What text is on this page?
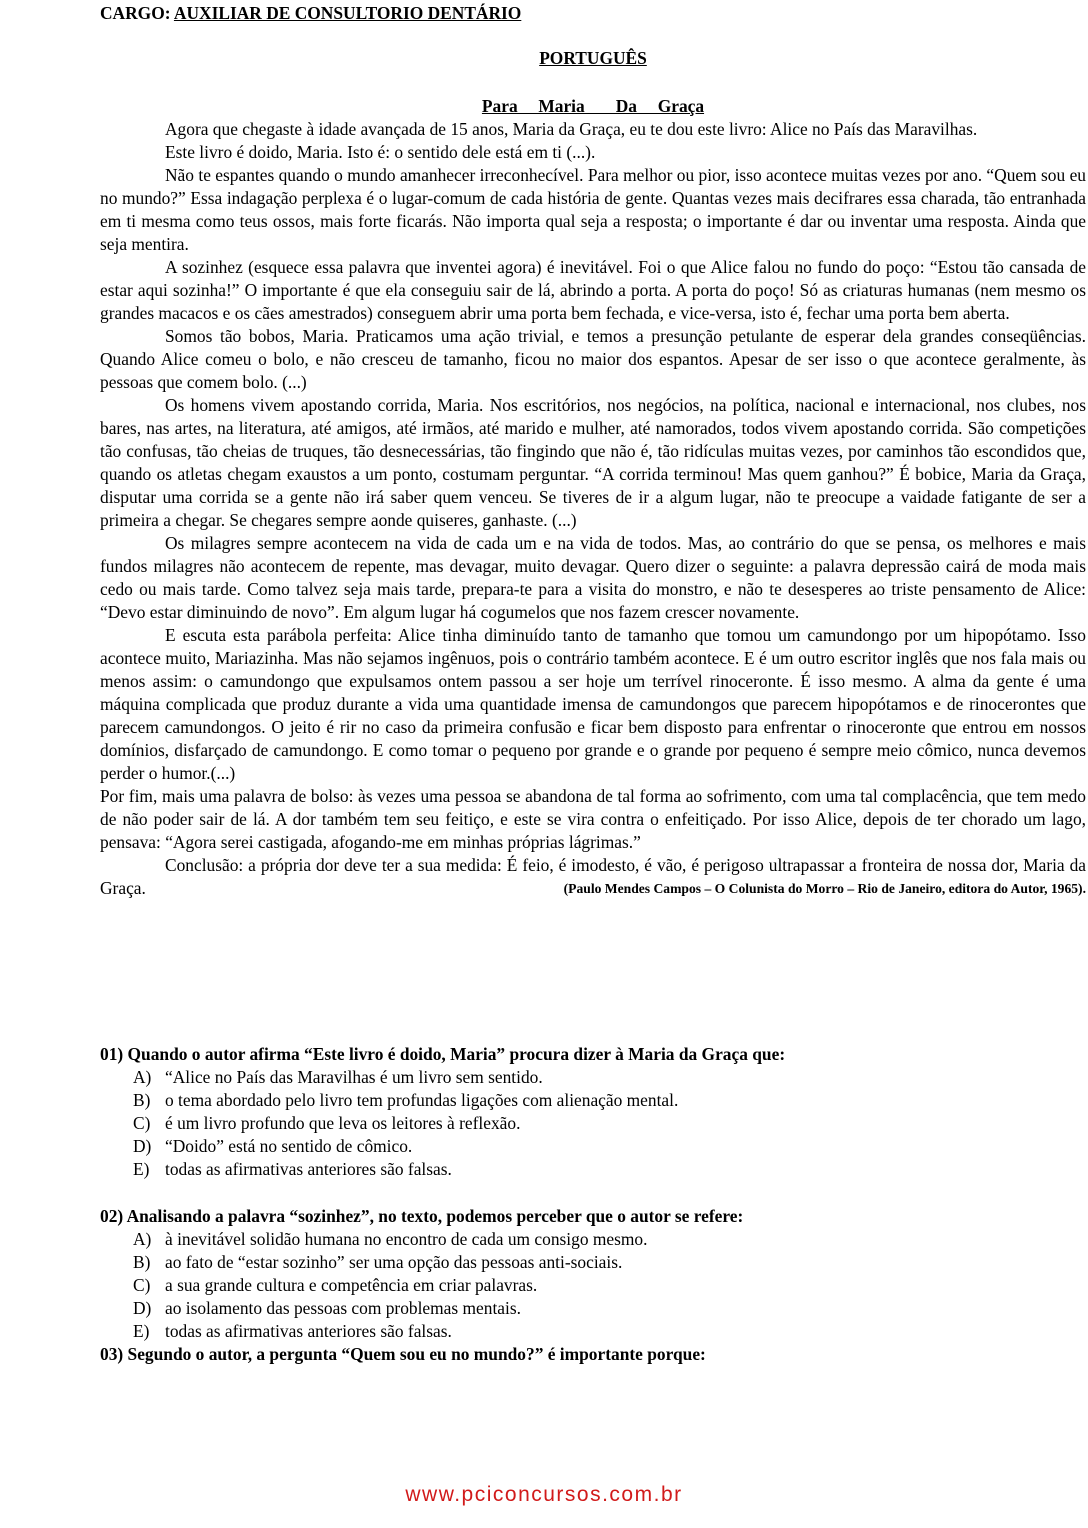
CARGO: AUXILIAR DE CONSULTORIO DENTÁRIO
PORTUGUÊS
Para  Maria   Da  Graça

Agora que chegaste à idade avançada de 15 anos, Maria da Graça, eu te dou este livro: Alice no País das Maravilhas.

Este livro é doido, Maria. Isto é: o sentido dele está em ti (...).

Não te espantes quando o mundo amanhecer irreconhecível. Para melhor ou pior, isso acontece muitas vezes por ano. “Quem sou eu no mundo?” Essa indagação perplexa é o lugar-comum de cada história de gente. Quantas vezes mais decifrares essa charada, tão entranhada em ti mesma como teus ossos, mais forte ficarás. Não importa qual seja a resposta; o importante é dar ou inventar uma resposta. Ainda que seja mentira.

A sozinhez (esquece essa palavra que inventei agora) é inevitável. Foi o que Alice falou no fundo do poço: “Estou tão cansada de estar aqui sozinha!” O importante é que ela conseguiu sair de lá, abrindo a porta. A porta do poço! Só as criaturas humanas (nem mesmo os grandes macacos e os cães amestrados) conseguem abrir uma porta bem fechada, e vice-versa, isto é, fechar uma porta bem aberta.

Somos tão bobos, Maria. Praticamos uma ação trivial, e temos a presunção petulante de esperar dela grandes conseqüências. Quando Alice comeu o bolo, e não cresceu de tamanho, ficou no maior dos espantos. Apesar de ser isso o que acontece geralmente, às pessoas que comem bolo. (...)

Os homens vivem apostando corrida, Maria. Nos escritórios, nos negócios, na política, nacional e internacional, nos clubes, nos bares, nas artes, na literatura, até amigos, até irmãos, até marido e mulher, até namorados, todos vivem apostando corrida. São competições tão confusas, tão cheias de truques, tão desnecessárias, tão fingindo que não é, tão ridículas muitas vezes, por caminhos tão escondidos que, quando os atletas chegam exaustos a um ponto, costumam perguntar. “A corrida terminou! Mas quem ganhou?” É bobice, Maria da Graça, disputar uma corrida se a gente não irá saber quem venceu. Se tiveres de ir a algum lugar, não te preocupe a vaidade fatigante de ser a primeira a chegar. Se chegares sempre aonde quiseres, ganhaste. (...)

Os milagres sempre acontecem na vida de cada um e na vida de todos. Mas, ao contrário do que se pensa, os melhores e mais fundos milagres não acontecem de repente, mas devagar, muito devagar. Quero dizer o seguinte: a palavra depressão cairá de moda mais cedo ou mais tarde. Como talvez seja mais tarde, prepara-te para a visita do monstro, e não te desesperes ao triste pensamento de Alice: “Devo estar diminuindo de novo”. Em algum lugar há cogumelos que nos fazem crescer novamente.

E escuta esta parábola perfeita: Alice tinha diminuído tanto de tamanho que tomou um camundongo por um hipopótamo. Isso acontece muito, Mariazinha. Mas não sejamos ingênuos, pois o contrário também acontece. E é um outro escritor inglês que nos fala mais ou menos assim: o camundongo que expulsamos ontem passou a ser hoje um terrível rinoceronte. É isso mesmo. A alma da gente é uma máquina complicada que produz durante a vida uma quantidade imensa de camundongos que parecem hipopótamos e de rinocerontes que parecem camundongos. O jeito é rir no caso da primeira confusão e ficar bem disposto para enfrentar o rinoceronte que entrou em nossos domínios, disfarçado de camundongo. E como tomar o pequeno por grande e o grande por pequeno é sempre meio cômico, nunca devemos perder o humor.(...)

Por fim, mais uma palavra de bolso: às vezes uma pessoa se abandona de tal forma ao sofrimento, com uma tal complacência, que tem medo de não poder sair de lá. A dor também tem seu feitiço, e este se vira contra o enfeitiçado. Por isso Alice, depois de ter chorado um lago, pensava: “Agora serei castigada, afogando-me em minhas próprias lágrimas.”

Conclusão: a própria dor deve ter a sua medida: É feio, é imodesto, é vão, é perigoso ultrapassar a fronteira de nossa dor, Maria da Graça.	(Paulo Mendes Campos – O Colunista do Morro – Rio de Janeiro, editora do Autor, 1965).

01) Quando o autor afirma “Este livro é doido, Maria” procura dizer à Maria da Graça que:

A) “Alice no País das Maravilhas é um livro sem sentido.
B) o tema abordado pelo livro tem profundas ligações com alienação mental.
C) é um livro profundo que leva os leitores à reflexão.
D) “Doido” está no sentido de cômico.
E) todas as afirmativas anteriores são falsas.

02) Analisando a palavra “sozinhez”, no texto, podemos perceber que o autor se refere:

A) à inevitável solidão humana no encontro de cada um consigo mesmo.
B) ao fato de “estar sozinho” ser uma opção das pessoas anti-sociais.
C) a sua grande cultura e competência em criar palavras.
D) ao isolamento das pessoas com problemas mentais.
E) todas as afirmativas anteriores são falsas.

03) Segundo o autor, a pergunta “Quem sou eu no mundo?” é importante porque:

www.pciconcursos.com.br
